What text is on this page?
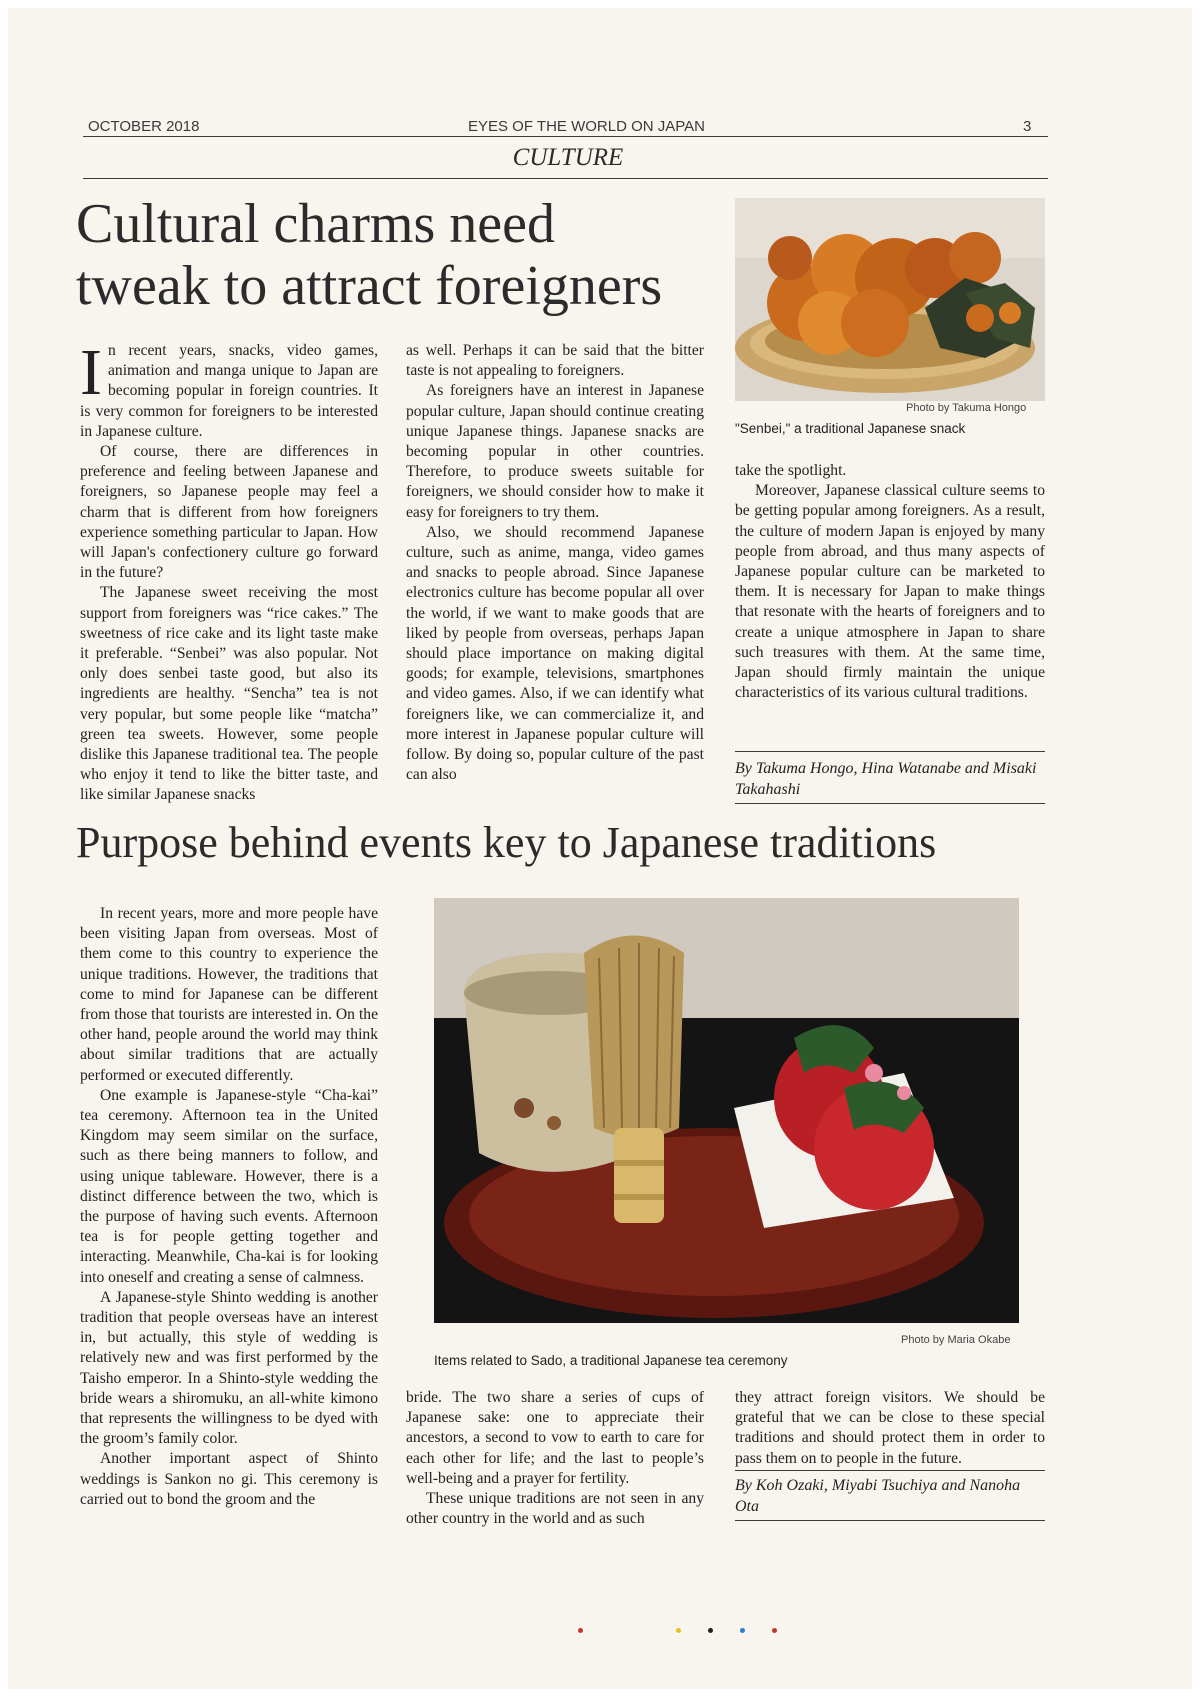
OCTOBER 2018	EYES OF THE WORLD ON JAPAN	3
CULTURE
Cultural charms need
tweak to attract foreigners
Photo by Takuma Hongo
"Senbei," a traditional Japanese snack

In recent years, snacks, video games, animation and manga unique to Japan are becoming popular in foreign countries. It is very common for foreigners to be interested in Japanese culture.

Of course, there are differences in preference and feeling between Japanese and foreigners, so Japanese people may feel a charm that is different from how foreigners experience something particular to Japan. How will Japan's confectionery culture go forward in the future?

The Japanese sweet receiving the most support from foreigners was “rice cakes.” The sweetness of rice cake and its light taste make it preferable. “Senbei” was also popular. Not only does senbei taste good, but also its ingredients are healthy. “Sencha” tea is not very popular, but some people like “matcha” green tea sweets. However, some people dislike this Japanese traditional tea. The people who enjoy it tend to like the bitter taste, and like similar Japanese snacks

as well. Perhaps it can be said that the bitter taste is not appealing to foreigners.

As foreigners have an interest in Japanese popular culture, Japan should continue creating unique Japanese things. Japanese snacks are becoming popular in other countries. Therefore, to produce sweets suitable for foreigners, we should consider how to make it easy for foreigners to try them.

Also, we should recommend Japanese culture, such as anime, manga, video games and snacks to people abroad. Since Japanese electronics culture has become popular all over the world, if we want to make goods that are liked by people from overseas, perhaps Japan should place importance on making digital goods; for example, televisions, smartphones and video games. Also, if we can identify what foreigners like, we can commercialize it, and more interest in Japanese popular culture will follow. By doing so, popular culture of the past can also

take the spotlight.

Moreover, Japanese classical culture seems to be getting popular among foreigners. As a result, the culture of modern Japan is enjoyed by many people from abroad, and thus many aspects of Japanese popular culture can be marketed to them. It is necessary for Japan to make things that resonate with the hearts of foreigners and to create a unique atmosphere in Japan to share such treasures with them. At the same time, Japan should firmly maintain the unique characteristics of its various cultural traditions.

By Takuma Hongo, Hina Watanabe and Misaki Takahashi
Purpose behind events key to Japanese traditions
Photo by Maria Okabe
Items related to Sado, a traditional Japanese tea ceremony

In recent years, more and more people have been visiting Japan from overseas. Most of them come to this country to experience the unique traditions. However, the traditions that come to mind for Japanese can be different from those that tourists are interested in. On the other hand, people around the world may think about similar traditions that are actually performed or executed differently.

One example is Japanese-style “Cha-kai” tea ceremony. Afternoon tea in the United Kingdom may seem similar on the surface, such as there being manners to follow, and using unique tableware. However, there is a distinct difference between the two, which is the purpose of having such events. Afternoon tea is for people getting together and interacting. Meanwhile, Cha-kai is for looking into oneself and creating a sense of calmness.

A Japanese-style Shinto wedding is another tradition that people overseas have an interest in, but actually, this style of wedding is relatively new and was first performed by the Taisho emperor. In a Shinto-style wedding the bride wears a shiromuku, an all-white kimono that represents the willingness to be dyed with the groom’s family color.

Another important aspect of Shinto weddings is Sankon no gi. This ceremony is carried out to bond the groom and the

bride. The two share a series of cups of Japanese sake: one to appreciate their ancestors, a second to vow to earth to care for each other for life; and the last to people’s well-being and a prayer for fertility.

These unique traditions are not seen in any other country in the world and as such

they attract foreign visitors. We should be grateful that we can be close to these special traditions and should protect them in order to pass them on to people in the future.

By Koh Ozaki, Miyabi Tsuchiya and Nanoha Ota
